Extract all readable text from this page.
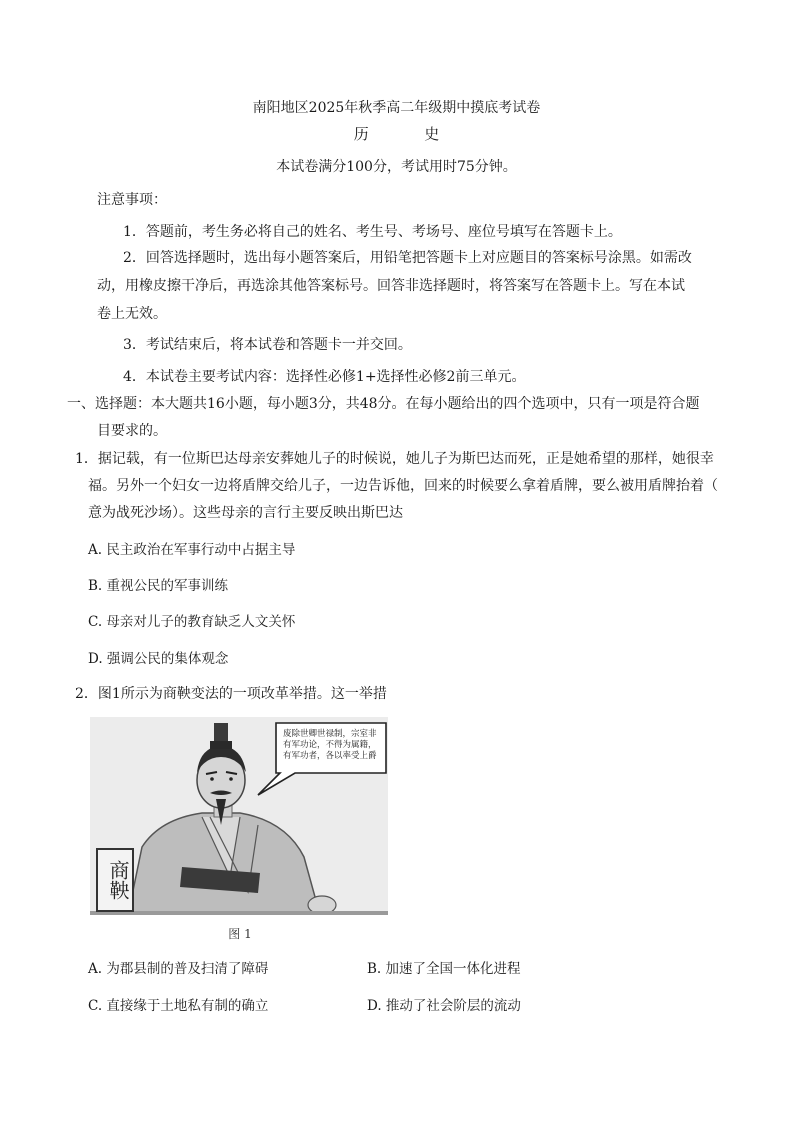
南阳地区2025年秋季高二年级期中摸底考试卷
历	史
本试卷满分100分，考试用时75分钟。
注意事项：
1．答题前，考生务必将自己的姓名、考生号、考场号、座位号填写在答题卡上。
2．回答选择题时，选出每小题答案后，用铅笔把答题卡上对应题目的答案标号涂黑。如需改
动，用橡皮擦干净后，再选涂其他答案标号。回答非选择题时，将答案写在答题卡上。写在本试
卷上无效。
3．考试结束后，将本试卷和答题卡一并交回。
4．本试卷主要考试内容：选择性必修1+选择性必修2前三单元。
一、选择题：本大题共16小题，每小题3分，共48分。在每小题给出的四个选项中，只有一项是符合题
目要求的。
1．据记载，有一位斯巴达母亲安葬她儿子的时候说，她儿子为斯巴达而死，正是她希望的那样，她很幸
福。另外一个妇女一边将盾牌交给儿子，一边告诉他，回来的时候要么拿着盾牌，要么被用盾牌抬着（
意为战死沙场）。这些母亲的言行主要反映出斯巴达
A. 民主政治在军事行动中占据主导
B. 重视公民的军事训练
C. 母亲对儿子的教育缺乏人文关怀
D. 强调公民的集体观念
2．图1所示为商鞅变法的一项改革举措。这一举措
废除世卿世禄制，宗室非有军功论，不得为属籍，有军功者，各以率受上爵
商鞅
图 1
A. 为郡县制的普及扫清了障碍	B. 加速了全国一体化进程
C. 直接缘于土地私有制的确立	D. 推动了社会阶层的流动
